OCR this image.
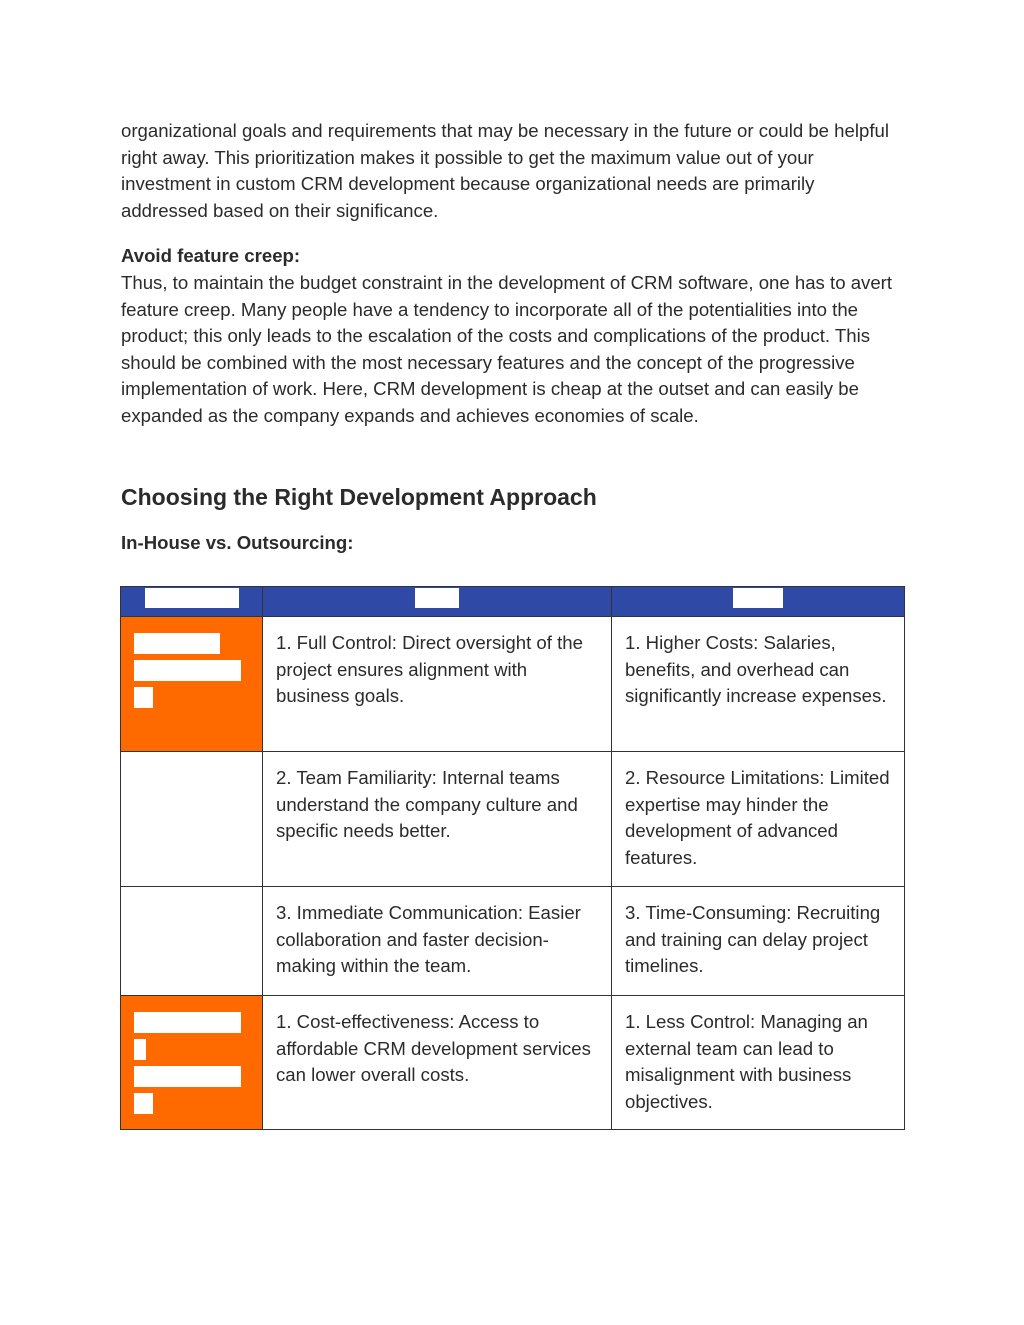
organizational goals and requirements that may be necessary in the future or could be helpful right away. This prioritization makes it possible to get the maximum value out of your investment in custom CRM development because organizational needs are primarily addressed based on their significance.

Avoid feature creep:

Thus, to maintain the budget constraint in the development of CRM software, one has to avert feature creep. Many people have a tendency to incorporate all of the potentialities into the product; this only leads to the escalation of the costs and complications of the product. This should be combined with the most necessary features and the concept of the progressive implementation of work. Here, CRM development is cheap at the outset and can easily be expanded as the company expands and achieves economies of scale.

Choosing the Right Development Approach

In-House vs. Outsourcing:

	1. Full Control: Direct oversight of the project ensures alignment with business goals.	1. Higher Costs: Salaries, benefits, and overhead can significantly increase expenses.
	2. Team Familiarity: Internal teams understand the company culture and specific needs better.	2. Resource Limitations: Limited expertise may hinder the development of advanced features.
	3. Immediate Communication: Easier collaboration and faster decision-making within the team.	3. Time-Consuming: Recruiting and training can delay project timelines.

	1. Cost-effectiveness: Access to affordable CRM development services can lower overall costs.	1. Less Control: Managing an external team can lead to misalignment with business objectives.
